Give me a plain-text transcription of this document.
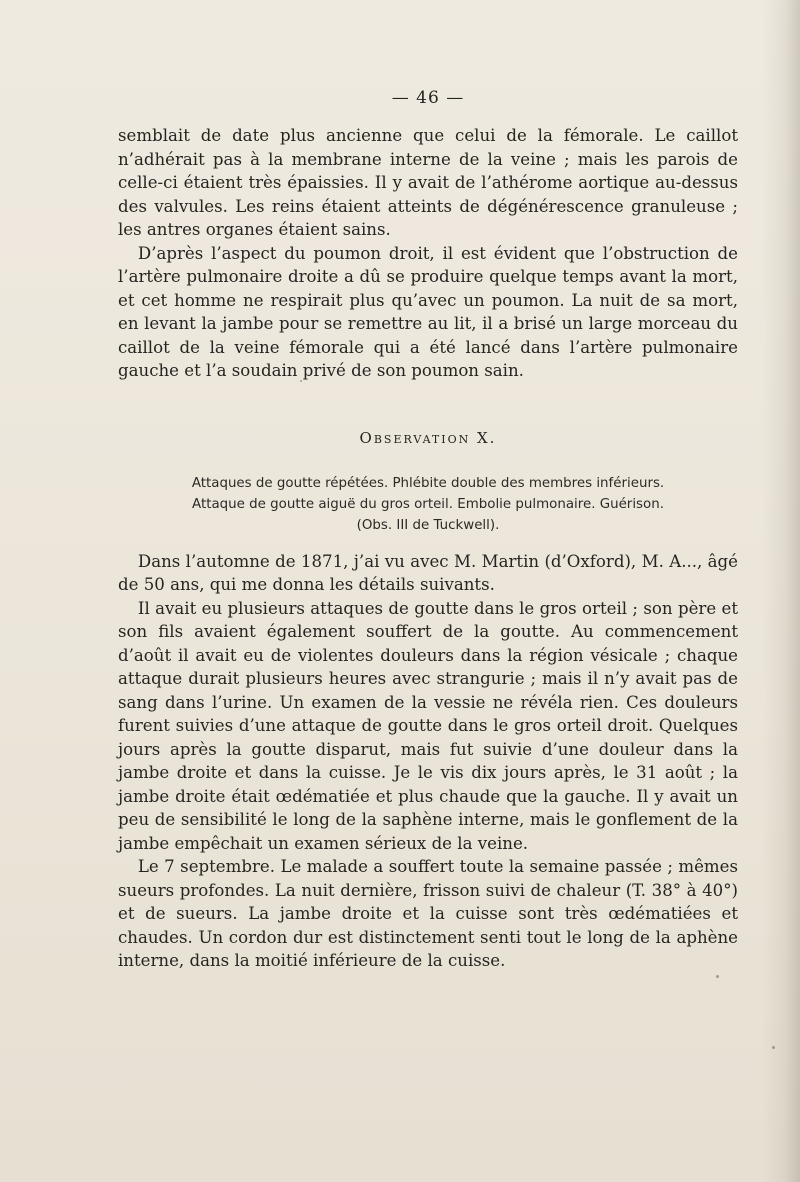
— 46 —

semblait de date plus ancienne que celui de la fémorale. Le caillot n’adhérait pas à la membrane interne de la veine ; mais les parois de celle-ci étaient très épaissies. Il y avait de l’athérome aortique au-dessus des valvules. Les reins étaient atteints de dégénérescence granuleuse ; les antres organes étaient sains.

D’après l’aspect du poumon droit, il est évident que l’obstruction de l’artère pulmonaire droite a dû se produire quelque temps avant la mort, et cet homme ne respirait plus qu’avec un poumon. La nuit de sa mort, en levant la jambe pour se remettre au lit, il a brisé un large morceau du caillot de la veine fémorale qui a été lancé dans l’artère pulmonaire gauche et l’a soudain privé de son poumon sain.

Observation X.
Attaques de goutte répétées. Phlébite double des membres inférieurs.
Attaque de goutte aiguë du gros orteil. Embolie pulmonaire. Guérison.
(Obs. III de Tuckwell).

Dans l’automne de 1871, j’ai vu avec M. Martin (d’Oxford), M. A..., âgé de 50 ans, qui me donna les détails suivants.

Il avait eu plusieurs attaques de goutte dans le gros orteil ; son père et son fils avaient également souffert de la goutte. Au commencement d’août il avait eu de violentes douleurs dans la région vésicale ; chaque attaque durait plusieurs heures avec strangurie ; mais il n’y avait pas de sang dans l’urine. Un examen de la vessie ne révéla rien. Ces douleurs furent suivies d’une attaque de goutte dans le gros orteil droit. Quelques jours après la goutte disparut, mais fut suivie d’une douleur dans la jambe droite et dans la cuisse. Je le vis dix jours après, le 31 août ; la jambe droite était œdématiée et plus chaude que la gauche. Il y avait un peu de sensibilité le long de la saphène interne, mais le gonflement de la jambe empêchait un examen sérieux de la veine.

Le 7 septembre. Le malade a souffert toute la semaine passée ; mêmes sueurs profondes. La nuit dernière, frisson suivi de chaleur (T. 38° à 40°) et de sueurs. La jambe droite et la cuisse sont très œdématiées et chaudes. Un cordon dur est distinctement senti tout le long de la aphène interne, dans la moitié inférieure de la cuisse.
